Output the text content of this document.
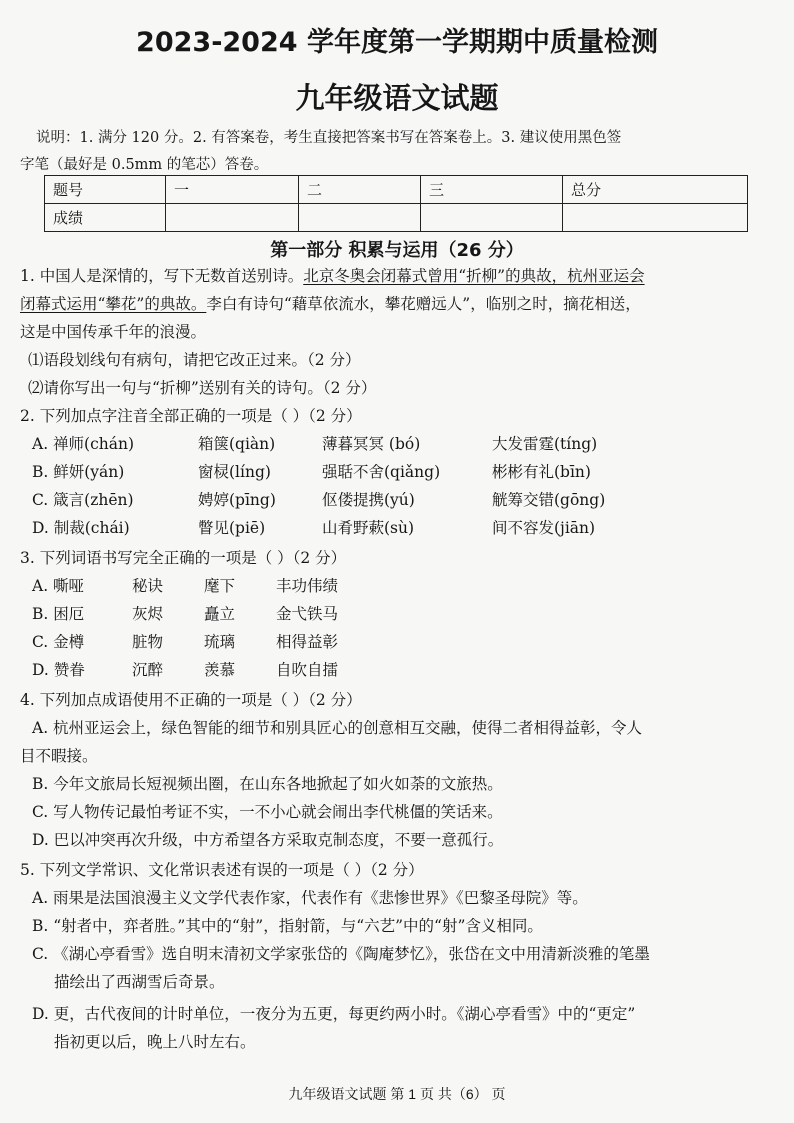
2023-2024 学年度第一学期期中质量检测
九年级语文试题
说明：1. 满分 120 分。2. 有答案卷，考生直接把答案书写在答案卷上。3. 建议使用黑色签
字笔（最好是 0.5mm 的笔芯）答卷。
题号	一	二	三	总分
成绩				
第一部分 积累与运用（26 分）
1. 中国人是深情的，写下无数首送别诗。北京冬奥会闭幕式曾用“折柳”的典故，杭州亚运会
闭幕式运用“攀花”的典故。李白有诗句“藉草依流水，攀花赠远人”，临别之时，摘花相送，
这是中国传承千年的浪漫。
⑴语段划线句有病句，请把它改正过来。（2 分）
⑵请你写出一句与“折柳”送别有关的诗句。（2 分）
2. 下列加点字注音全部正确的一项是（ ）（2 分）
A. 禅师(chán)	箱箧(qiàn)	薄暮冥冥 (bó)	大发雷霆(tíng)
B. 鲜妍(yán)	窗棂(líng)	强聒不舍(qiǎng)	彬彬有礼(bīn)
C. 箴言(zhēn)	娉婷(pīng)	伛偻提携(yú)	觥筹交错(gōng)
D. 制裁(chái)	瞥见(piē)	山肴野蔌(sù)	间不容发(jiān)
3. 下列词语书写完全正确的一项是（ ）（2 分）
A. 嘶哑	秘诀	麾下	丰功伟绩
B. 困厄	灰烬	矗立	金弋铁马
C. 金樽	脏物	琉璃	相得益彰
D. 赞眷	沉醉	羡慕	自吹自擂
4. 下列加点成语使用不正确的一项是（ ）（2 分）
A. 杭州亚运会上，绿色智能的细节和别具匠心的创意相互交融，使得二者相得益彰，令人
目不暇接。
B. 今年文旅局长短视频出圈，在山东各地掀起了如火如荼的文旅热。
C. 写人物传记最怕考证不实，一不小心就会闹出李代桃僵的笑话来。
D. 巴以冲突再次升级，中方希望各方采取克制态度，不要一意孤行。
5. 下列文学常识、文化常识表述有误的一项是（ ）（2 分）
A. 雨果是法国浪漫主义文学代表作家，代表作有《悲惨世界》《巴黎圣母院》等。
B. “射者中，弈者胜。”其中的“射”，指射箭，与“六艺”中的“射”含义相同。
C. 《湖心亭看雪》选自明末清初文学家张岱的《陶庵梦忆》，张岱在文中用清新淡雅的笔墨
描绘出了西湖雪后奇景。
D. 更，古代夜间的计时单位，一夜分为五更，每更约两小时。《湖心亭看雪》中的“更定”
指初更以后，晚上八时左右。
九年级语文试题 第 1 页 共（6） 页
